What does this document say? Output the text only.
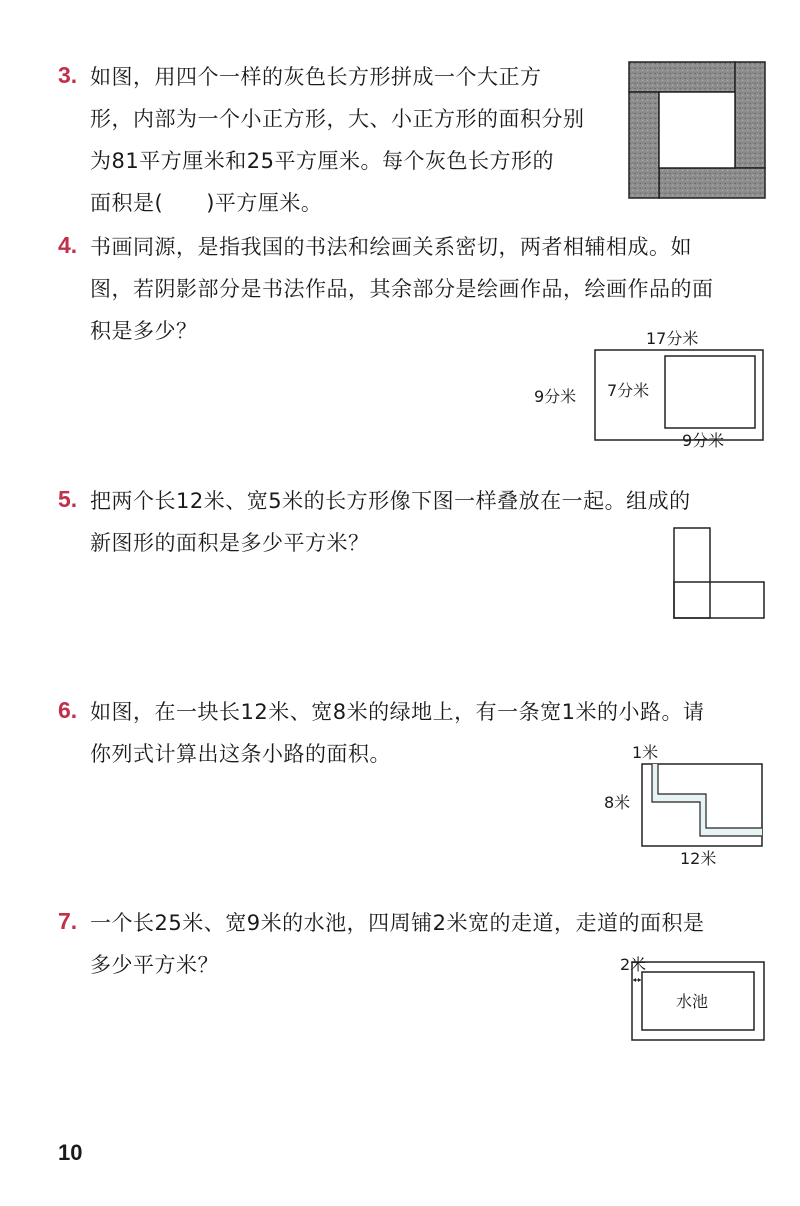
3. 如图，用四个一样的灰色长方形拼成一个大正方
形，内部为一个小正方形，大、小正方形的面积分别
为81平方厘米和25平方厘米。每个灰色长方形的
面积是(　　)平方厘米。
4. 书画同源，是指我国的书法和绘画关系密切，两者相辅相成。如
图，若阴影部分是书法作品，其余部分是绘画作品，绘画作品的面
积是多少？	17分米
9分米 7分米
9分米
5. 把两个长12米、宽5米的长方形像下图一样叠放在一起。组成的
新图形的面积是多少平方米？
6. 如图，在一块长12米、宽8米的绿地上，有一条宽1米的小路。请
你列式计算出这条小路的面积。	1米
8米
12米
7. 一个长25米、宽9米的水池，四周铺2米宽的走道，走道的面积是
多少平方米？	2米
水池
10
